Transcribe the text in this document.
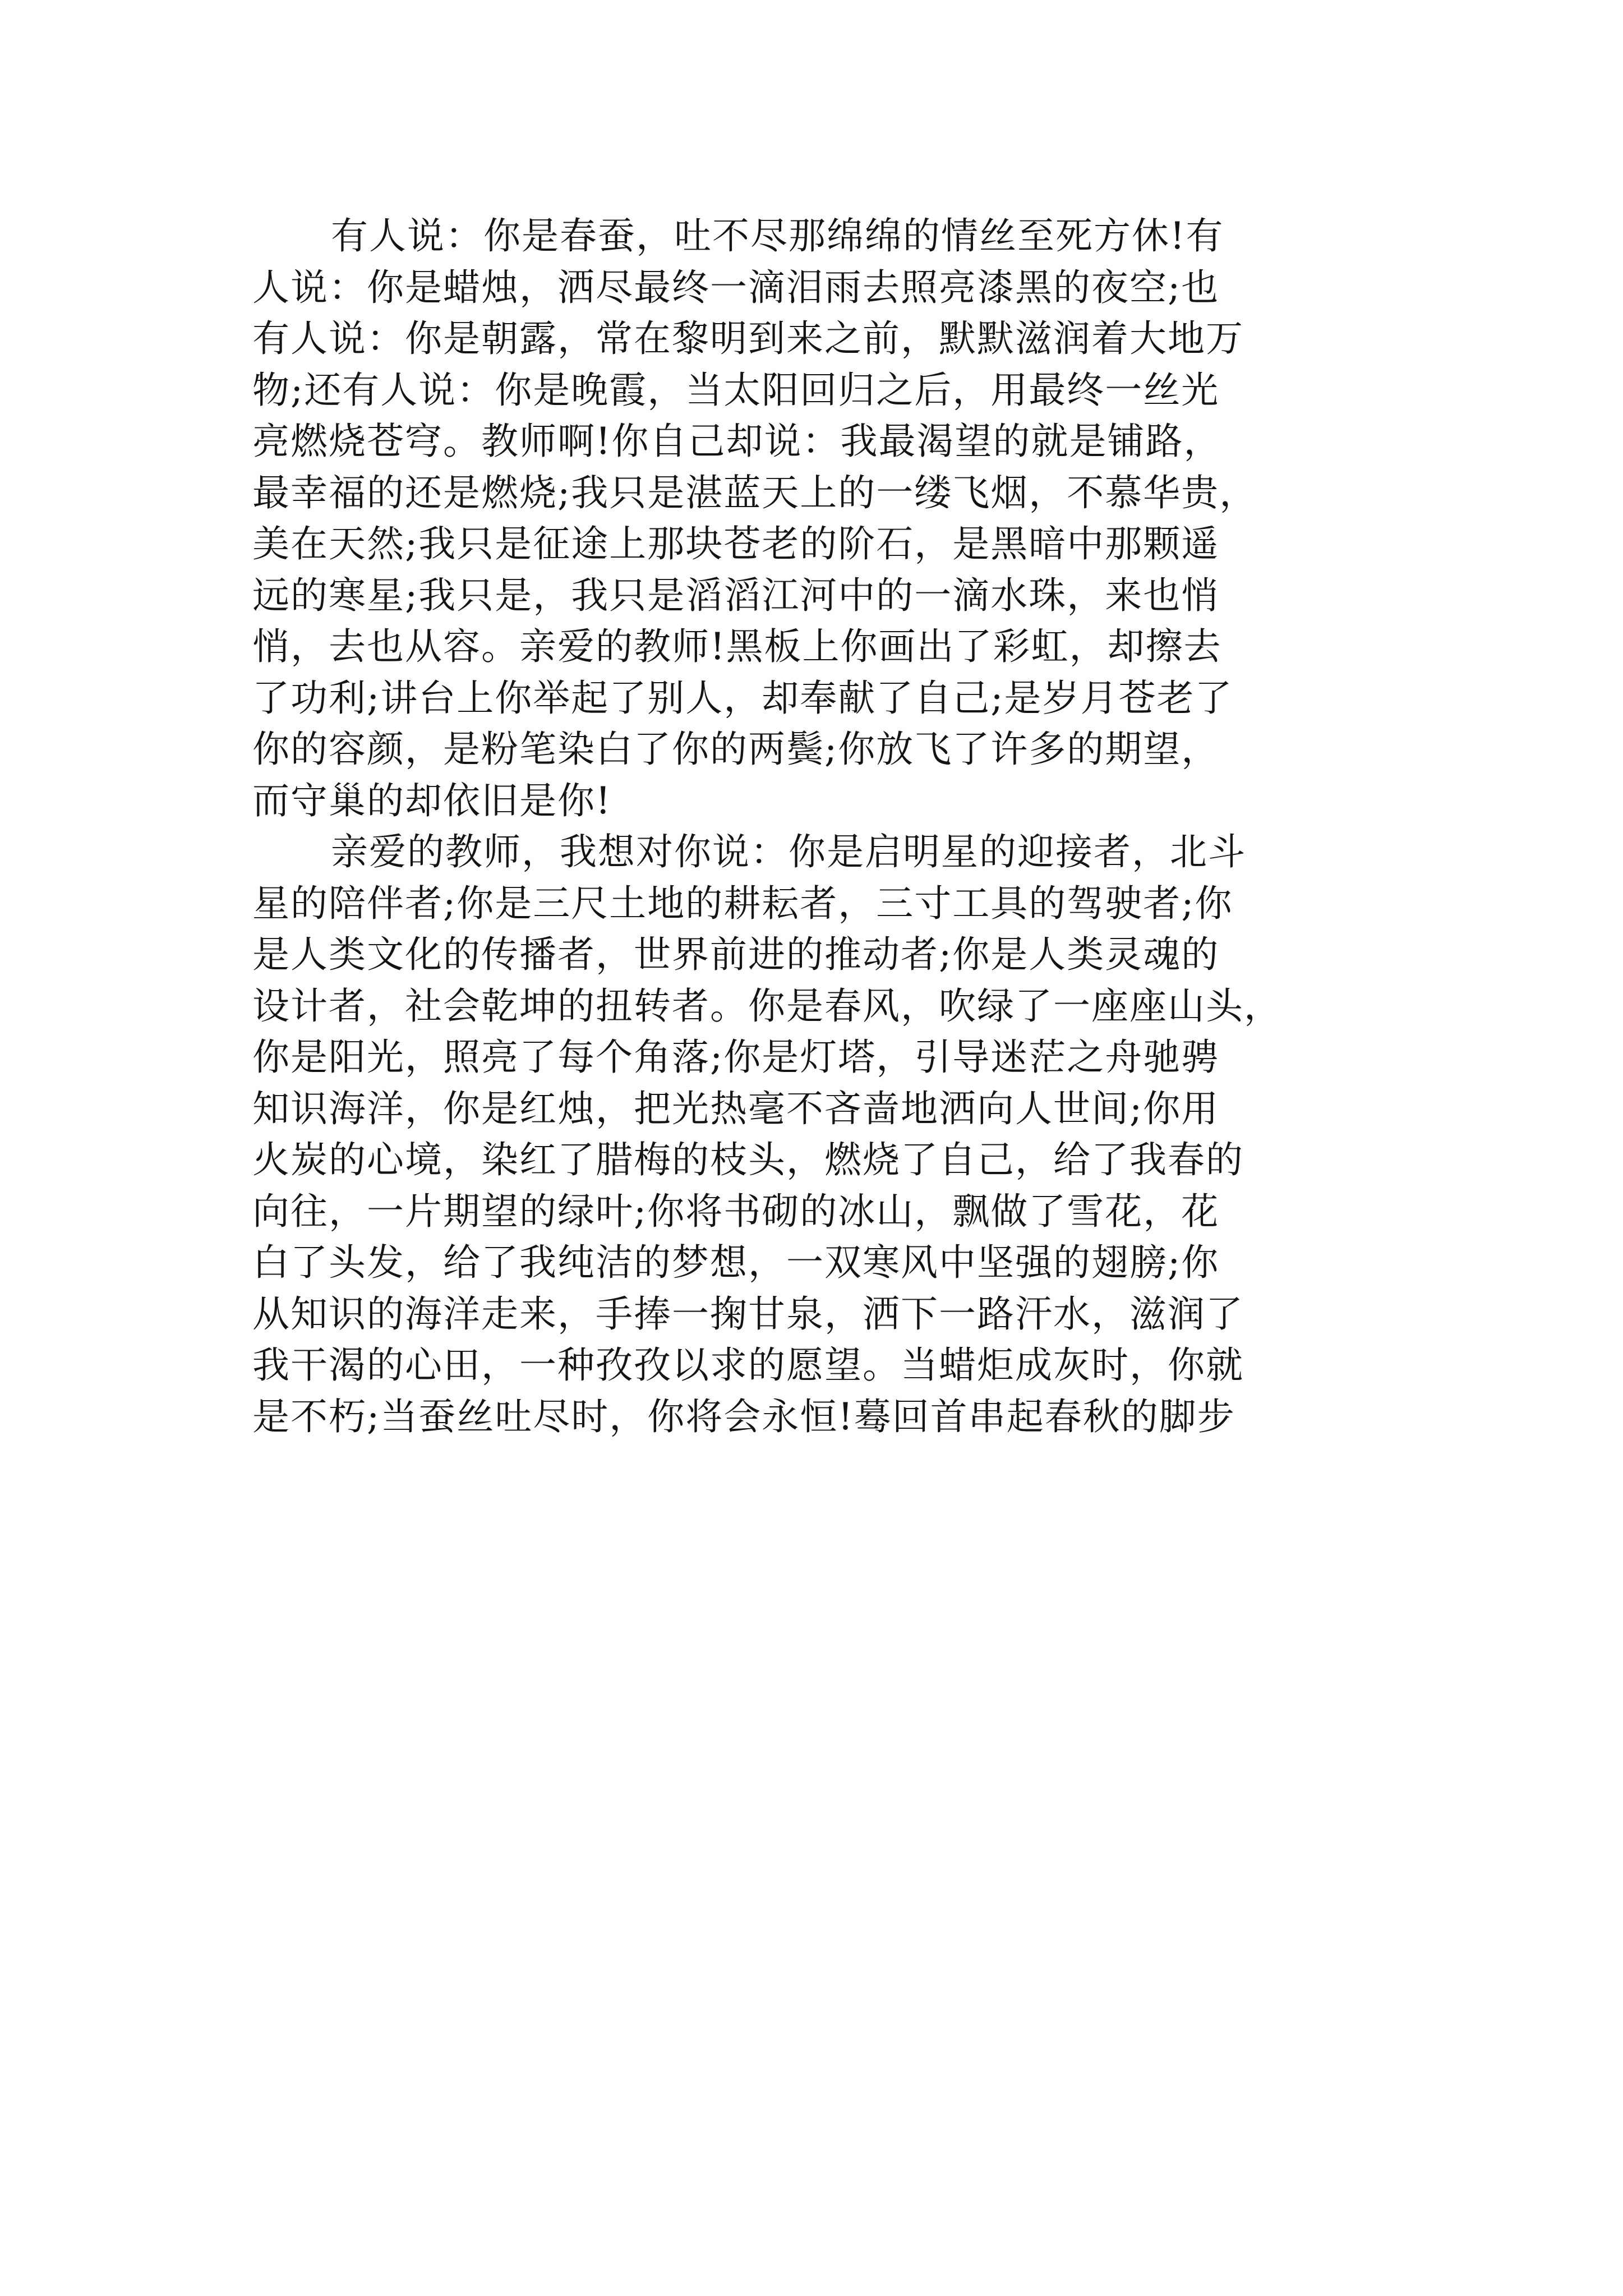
有人说：你是春蚕，吐不尽那绵绵的情丝至死方休!有
人说：你是蜡烛，洒尽最终一滴泪雨去照亮漆黑的夜空;也
有人说：你是朝露，常在黎明到来之前，默默滋润着大地万
物;还有人说：你是晚霞，当太阳回归之后，用最终一丝光
亮燃烧苍穹。教师啊!你自己却说：我最渴望的就是铺路，
最幸福的还是燃烧;我只是湛蓝天上的一缕飞烟，不慕华贵，
美在天然;我只是征途上那块苍老的阶石，是黑暗中那颗遥
远的寒星;我只是，我只是滔滔江河中的一滴水珠，来也悄
悄，去也从容。亲爱的教师!黑板上你画出了彩虹，却擦去
了功利;讲台上你举起了别人，却奉献了自己;是岁月苍老了
你的容颜，是粉笔染白了你的两鬓;你放飞了许多的期望，
而守巢的却依旧是你!
亲爱的教师，我想对你说：你是启明星的迎接者，北斗
星的陪伴者;你是三尺土地的耕耘者，三寸工具的驾驶者;你
是人类文化的传播者，世界前进的推动者;你是人类灵魂的
设计者，社会乾坤的扭转者。你是春风，吹绿了一座座山头，
你是阳光，照亮了每个角落;你是灯塔，引导迷茫之舟驰骋
知识海洋，你是红烛，把光热毫不吝啬地洒向人世间;你用
火炭的心境，染红了腊梅的枝头，燃烧了自己，给了我春的
向往，一片期望的绿叶;你将书砌的冰山，飘做了雪花，花
白了头发，给了我纯洁的梦想，一双寒风中坚强的翅膀;你
从知识的海洋走来，手捧一掬甘泉，洒下一路汗水，滋润了
我干渴的心田，一种孜孜以求的愿望。当蜡炬成灰时，你就
是不朽;当蚕丝吐尽时，你将会永恒!蓦回首串起春秋的脚步
